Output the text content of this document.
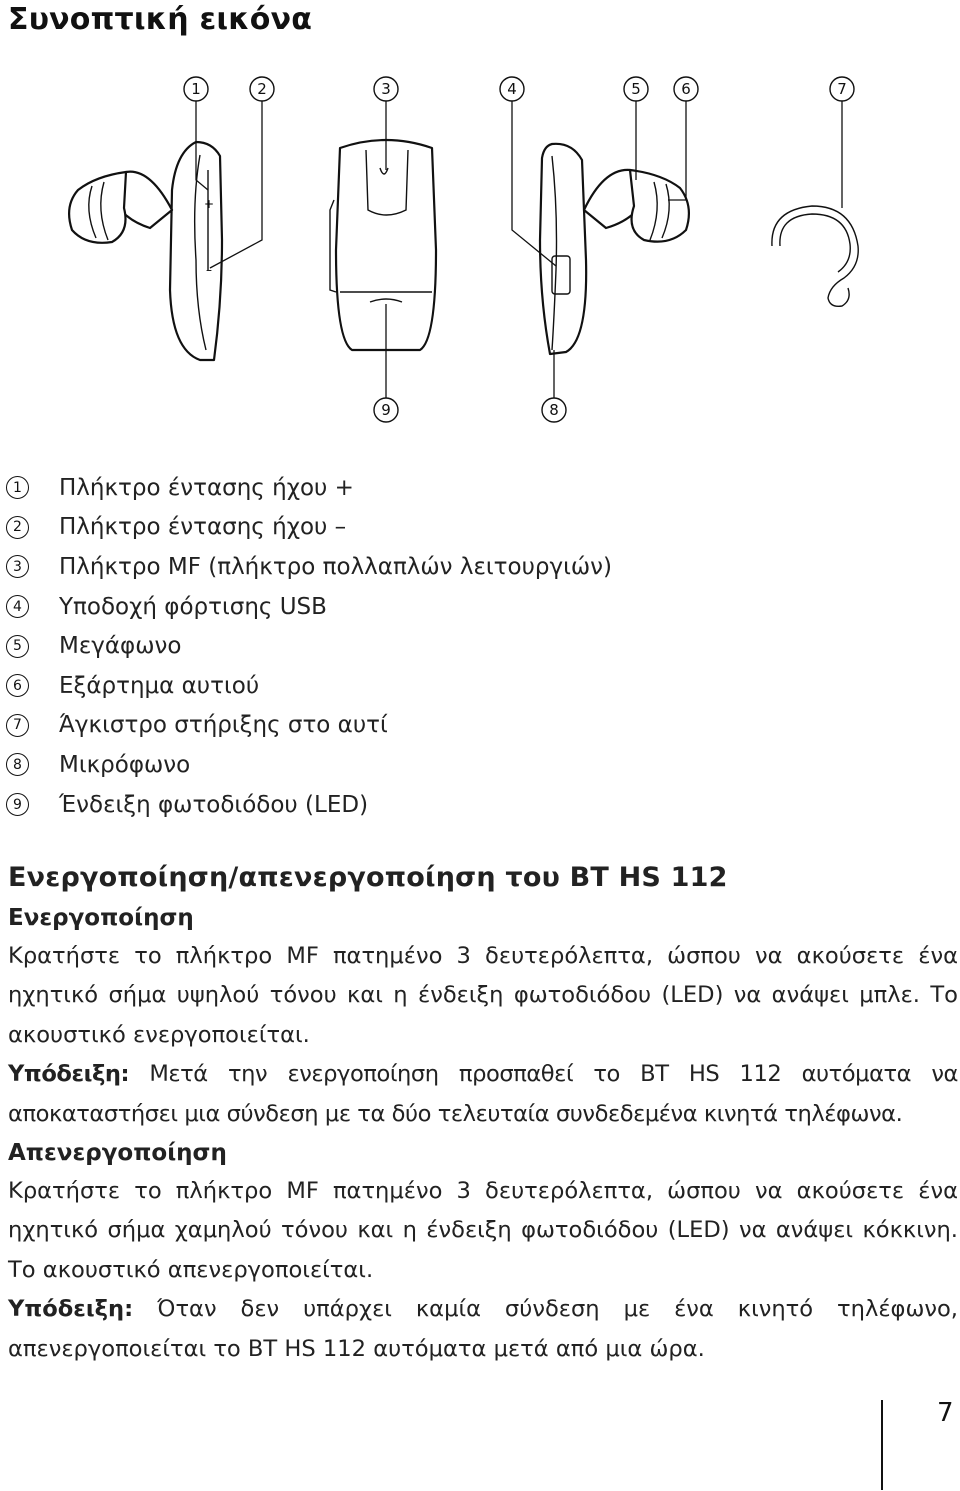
Συνοπτική εικόνα
+
–
1	2	3	4	5	6	7
8
9
1	Πλήκτρο έντασης ήχου +
2	Πλήκτρο έντασης ήχου –
3	Πλήκτρο MF (πλήκτρο πολλαπλών λειτουργιών)
4	Υποδοχή φόρτισης USB
5	Μεγάφωνο
6	Εξάρτημα αυτιού
7	Άγκιστρο στήριξης στο αυτί
8	Μικρόφωνο
9	Ένδειξη φωτοδιόδου (LED)
Ενεργοποίηση/απενεργοποίηση του BT HS 112
Ενεργοποίηση

Κρατήστε το πλήκτρο MF πατημένο 3 δευτερόλεπτα, ώσπου να ακούσετε ένα ηχητικό σήμα υψηλού τόνου και η ένδειξη φωτοδιόδου (LED) να ανάψει μπλε. Το ακουστικό ενεργοποιείται.

Υπόδειξη: Μετά την ενεργοποίηση προσπαθεί το BT HS 112 αυτόματα να αποκαταστήσει μια σύνδεση με τα δύο τελευταία συνδεδεμένα κινητά τηλέφωνα.

Απενεργοποίηση

Κρατήστε το πλήκτρο MF πατημένο 3 δευτερόλεπτα, ώσπου να ακούσετε ένα ηχητικό σήμα χαμηλού τόνου και η ένδειξη φωτοδιόδου (LED) να ανάψει κόκκινη. Το ακουστικό απενεργοποιείται.

Υπόδειξη: Όταν δεν υπάρχει καμία σύνδεση με ένα κινητό τηλέφωνο, απενεργοποιείται το BT HS 112 αυτόματα μετά από μια ώρα.

7
